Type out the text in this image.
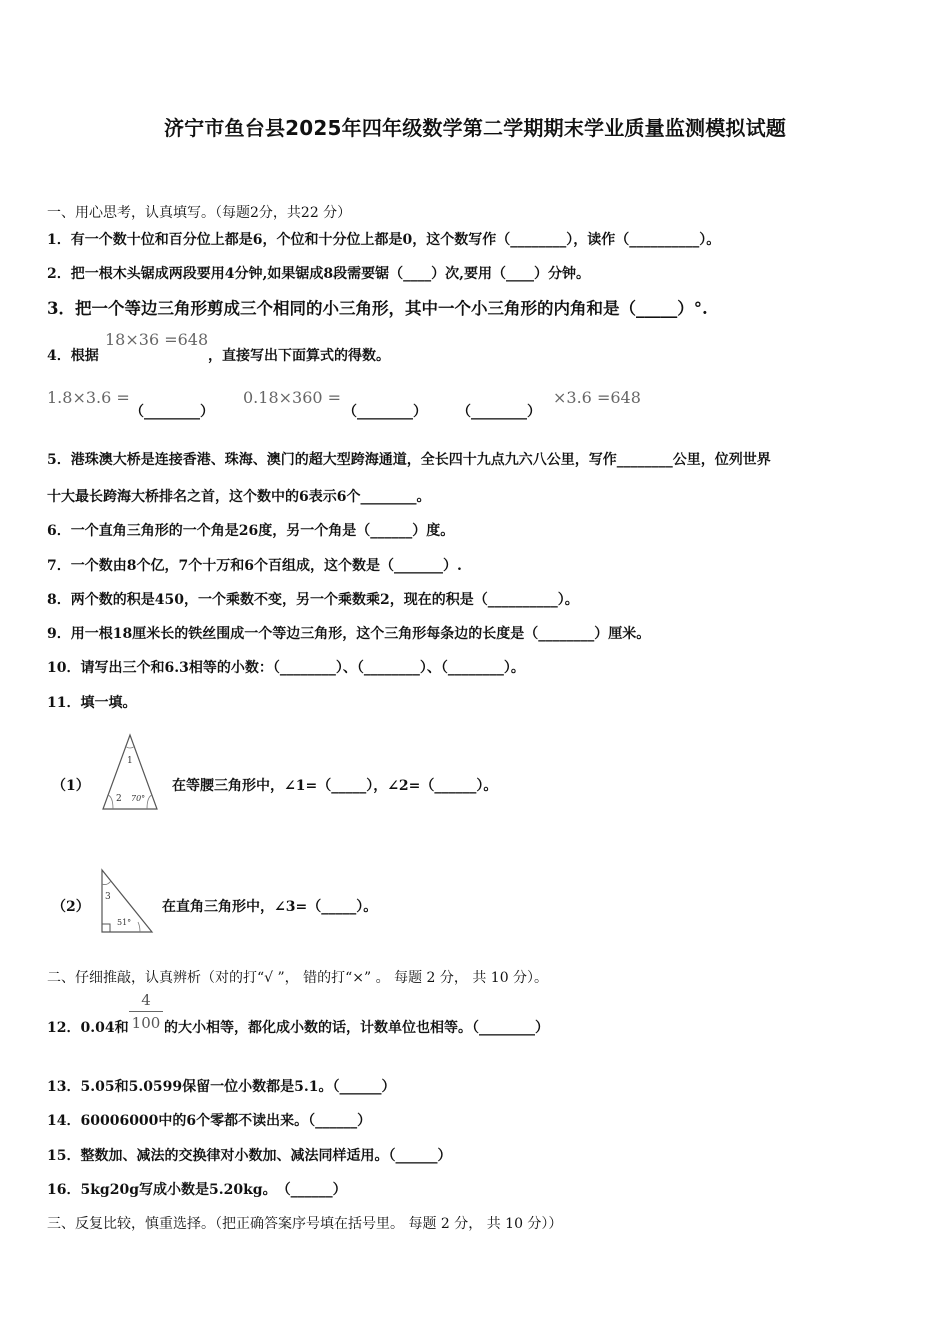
济宁市鱼台县2025年四年级数学第二学期期末学业质量监测模拟试题
一、用心思考，认真填写。（每题2分，共22 分）
1．有一个数十位和百分位上都是6，个位和十分位上都是0，这个数写作（________），读作（__________）。
2．把一根木头锯成两段要用4分钟,如果锯成8段需要锯（____）次,要用（____）分钟。
3．把一个等边三角形剪成三个相同的小三角形，其中一个小三角形的内角和是（_____）°.
4．根据
18×36 =648
，直接写出下面算式的得数。
1.8×3.6 =
（________）
0.18×360 =
（________） （________）
×3.6 =648
5．港珠澳大桥是连接香港、珠海、澳门的超大型跨海通道，全长四十九点九六八公里，写作________公里，位列世界
十大最长跨海大桥排名之首，这个数中的6表示6个________。
6．一个直角三角形的一个角是26度，另一个角是（______）度。
7．一个数由8个亿，7个十万和6个百组成，这个数是（_______）.
8．两个数的积是450，一个乘数不变，另一个乘数乘2，现在的积是（__________）。
9．用一根18厘米长的铁丝围成一个等边三角形，这个三角形每条边的长度是（________）厘米。
10．请写出三个和6.3相等的小数：（________）、（________）、（________）。
11．填一填。
（1）
1
2 70°
在等腰三角形中，∠1=（_____），∠2=（______）。
（2）
3
51°
在直角三角形中，∠3=（_____）。
二、仔细推敲，认真辨析（对的打“√ ”， 错的打“×” 。 每题 2 分， 共 10 分）。
12．0.04和
4
100 的大小相等，都化成小数的话，计数单位也相等。（________）
13．5.05和5.0599保留一位小数都是5.1。（______）
14．60006000中的6个零都不读出来。（______）
15．整数加、减法的交换律对小数加、减法同样适用。（______）
16．5kg20g写成小数是5.20kg。　（______）
三、反复比较，慎重选择。（把正确答案序号填在括号里。 每题 2 分， 共 10 分））
